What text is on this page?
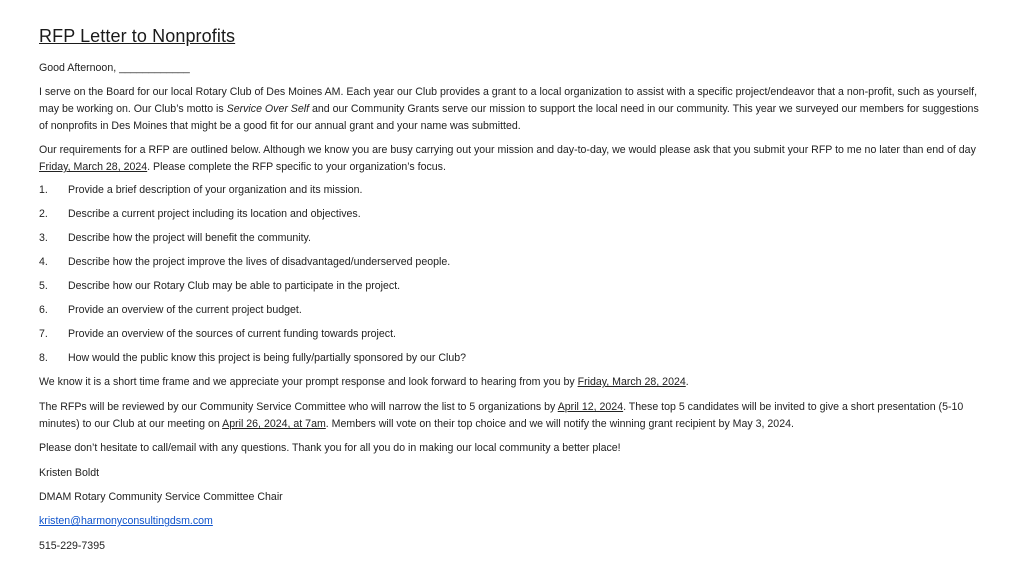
RFP Letter to Nonprofits
Good Afternoon, ____________
I serve on the Board for our local Rotary Club of Des Moines AM. Each year our Club provides a grant to a local organization to assist with a specific project/endeavor that a non-profit, such as yourself, may be working on. Our Club’s motto is Service Over Self and our Community Grants serve our mission to support the local need in our community. This year we surveyed our members for suggestions of nonprofits in Des Moines that might be a good fit for our annual grant and your name was submitted.
Our requirements for a RFP are outlined below. Although we know you are busy carrying out your mission and day-to-day, we would please ask that you submit your RFP to me no later than end of day Friday, March 28, 2024. Please complete the RFP specific to your organization’s focus.
1. Provide a brief description of your organization and its mission.
2. Describe a current project including its location and objectives.
3. Describe how the project will benefit the community.
4. Describe how the project improve the lives of disadvantaged/underserved people.
5. Describe how our Rotary Club may be able to participate in the project.
6. Provide an overview of the current project budget.
7. Provide an overview of the sources of current funding towards project.
8. How would the public know this project is being fully/partially sponsored by our Club?
We know it is a short time frame and we appreciate your prompt response and look forward to hearing from you by Friday, March 28, 2024.
The RFPs will be reviewed by our Community Service Committee who will narrow the list to 5 organizations by April 12, 2024. These top 5 candidates will be invited to give a short presentation (5-10 minutes) to our Club at our meeting on April 26, 2024, at 7am. Members will vote on their top choice and we will notify the winning grant recipient by May 3, 2024.
Please don’t hesitate to call/email with any questions. Thank you for all you do in making our local community a better place!
Kristen Boldt
DMAM Rotary Community Service Committee Chair
kristen@harmonyconsultingdsm.com
515-229-7395
